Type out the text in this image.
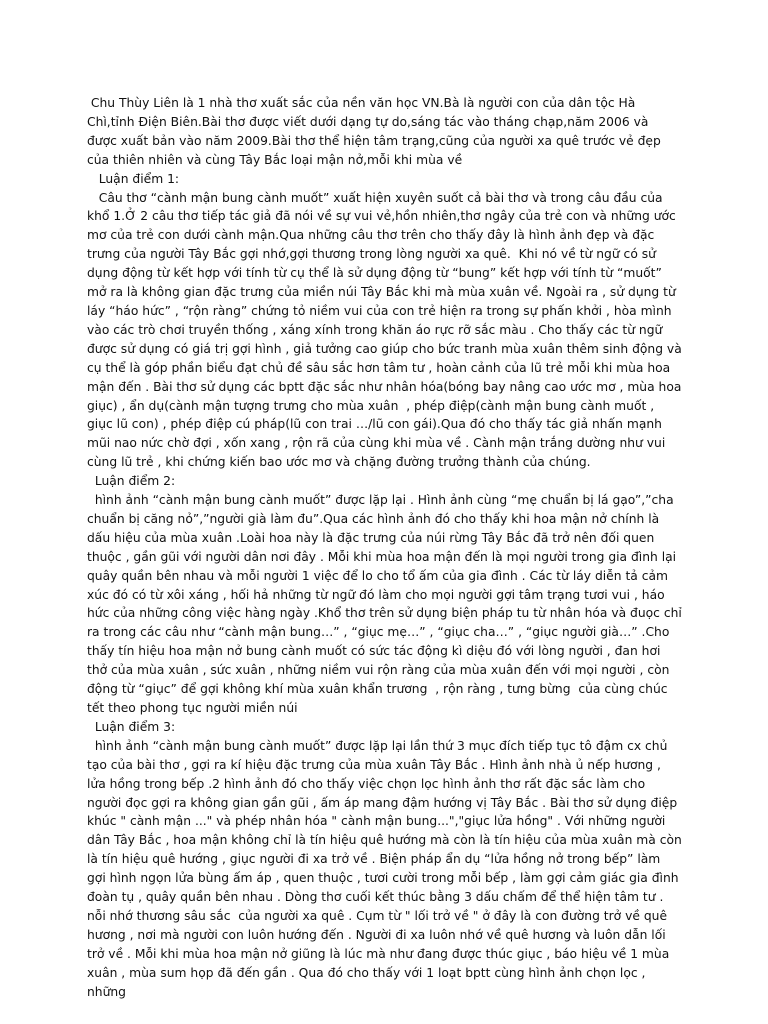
Chu Thùy Liên là 1 nhà thơ xuất sắc của nền văn học VN.Bà là người con của dân tộc Hà Chì,tỉnh Điện Biên.Bài thơ được viết dưới dạng tự do,sáng tác vào tháng chạp,năm 2006 và được xuất bản vào năm 2009.Bài thơ thể hiện tâm trạng,cũng của người xa quê trước vẻ đẹp của thiên nhiên và cùng Tây Bắc loại mận nở,mỗi khi mùa về

Luận điểm 1:

Câu thơ “cành mận bung cành muốt” xuất hiện xuyên suốt cả bài thơ và trong câu đầu của khổ 1.Ở 2 câu thơ tiếp tác giả đã nói về sự vui vẻ,hồn nhiên,thơ ngây của trẻ con và những ước mơ của trẻ con dưới cành mận.Qua những câu thơ trên cho thấy đây là hình ảnh đẹp và đặc trưng của người Tây Bắc gợi nhớ,gợi thương trong lòng người xa quê.  Khi nó về từ ngữ có sử dụng động từ kết hợp với tính từ cụ thể là sử dụng động từ “bung” kết hợp với tính từ “muốt” mở ra là không gian đặc trưng của miền núi Tây Bắc khi mà mùa xuân về. Ngoài ra , sử dụng từ láy “háo hức” , “rộn ràng” chứng tỏ niềm vui của con trẻ hiện ra trong sự phấn khởi , hòa mình vào các trò chơi truyền thống , xáng xính trong khăn áo rực rỡ sắc màu . Cho thấy các từ ngữ được sử dụng có giá trị gợi hình , giả tưởng cao giúp cho bức tranh mùa xuân thêm sinh động và cụ thể là góp phần biểu đạt chủ đề sâu sắc hơn tâm tư , hoàn cảnh của lũ trẻ mỗi khi mùa hoa mận đến . Bài thơ sử dụng các bptt đặc sắc như nhân hóa(bóng bay nâng cao ước mơ , mùa hoa giục) , ẩn dụ(cành mận tượng trưng cho mùa xuân  , phép điệp(cành mận bung cành muốt , giục lũ con) , phép điệp cú pháp(lũ con trai …/lũ con gái).Qua đó cho thấy tác giả nhấn mạnh mũi nao nức chờ đợi , xốn xang , rộn rã của cùng khi mùa về . Cành mận trắng dường như vui cùng lũ trẻ , khi chứng kiến bao ước mơ và chặng đường trưởng thành của chúng.

Luận điểm 2:

hình ảnh “cành mận bung cành muốt” được lặp lại . Hình ảnh cùng “mẹ chuẩn bị lá gạo”,”cha chuẩn bị căng nỏ”,”người già làm đu”.Qua các hình ảnh đó cho thấy khi hoa mận nở chính là dấu hiệu của mùa xuân .Loài hoa này là đặc trưng của núi rừng Tây Bắc đã trở nên đối quen thuộc , gần gũi với người dân nơi đây . Mỗi khi mùa hoa mận đến là mọi người trong gia đình lại quây quần bên nhau và mỗi người 1 việc để lo cho tổ ấm của gia đình . Các từ láy diễn tả cảm xúc đó có từ xôi xáng , hối hả những từ ngữ đó làm cho mọi người gợi tâm trạng tươi vui , háo hức của những công việc hàng ngày .Khổ thơ trên sử dụng biện pháp tu từ nhân hóa và đuọc chỉ ra trong các câu như “cành mận bung…” , “giục mẹ…” , “giục cha…” , “giục người già…” .Cho thấy tín hiệu hoa mận nở bung cành muốt có sức tác động kì diệu đó với lòng người , đan hơi thở của mùa xuân , sức xuân , những niềm vui rộn ràng của mùa xuân đến với mọi người , còn động từ “giục” để gợi không khí mùa xuân khẩn trương  , rộn ràng , tưng bừng  của cùng chúc tết theo phong tục người miền núi

Luận điểm 3:

hình ảnh “cành mận bung cành muốt” được lặp lại lần thứ 3 mục đích tiếp tục tô đậm cx chủ tạo của bài thơ , gợi ra kí hiệu đặc trưng của mùa xuân Tây Bắc . Hình ảnh nhà ủ nếp hương , lửa hồng trong bếp .2 hình ảnh đó cho thấy việc chọn lọc hình ảnh thơ rất đặc sắc làm cho người đọc gợi ra không gian gần gũi , ấm áp mang đậm hướng vị Tây Bắc . Bài thơ sử dụng điệp khúc " cành mận ..." và phép nhân hóa " cành mận bung...","giục lửa hồng" . Với những người dân Tây Bắc , hoa mận không chỉ là tín hiệu quê hướng mà còn là tín hiệu của mùa xuân mà còn là tín hiệu quê hướng , giục người đi xa trở về . Biện pháp ẩn dụ “lửa hồng nở trong bếp” làm gợi hình ngọn lửa bùng ấm áp , quen thuộc , tươi cười trong mỗi bếp , làm gợi cảm giác gia đình đoàn tụ , quây quần bên nhau . Dòng thơ cuối kết thúc bằng 3 dấu chấm để thể hiện tâm tư . nỗi nhớ thương sâu sắc  của người xa quê . Cụm từ " lối trở về " ở đây là con đường trở về quê hương , nơi mà người con luôn hướng đến . Người đi xa luôn nhớ về quê hương và luôn dẫn lối trở về . Mỗi khi mùa hoa mận nở giũng là lúc mà như đang được thúc giục , báo hiệu về 1 mùa xuân , mùa sum họp đã đến gần . Qua đó cho thấy với 1 loạt bptt cùng hình ảnh chọn lọc , những
